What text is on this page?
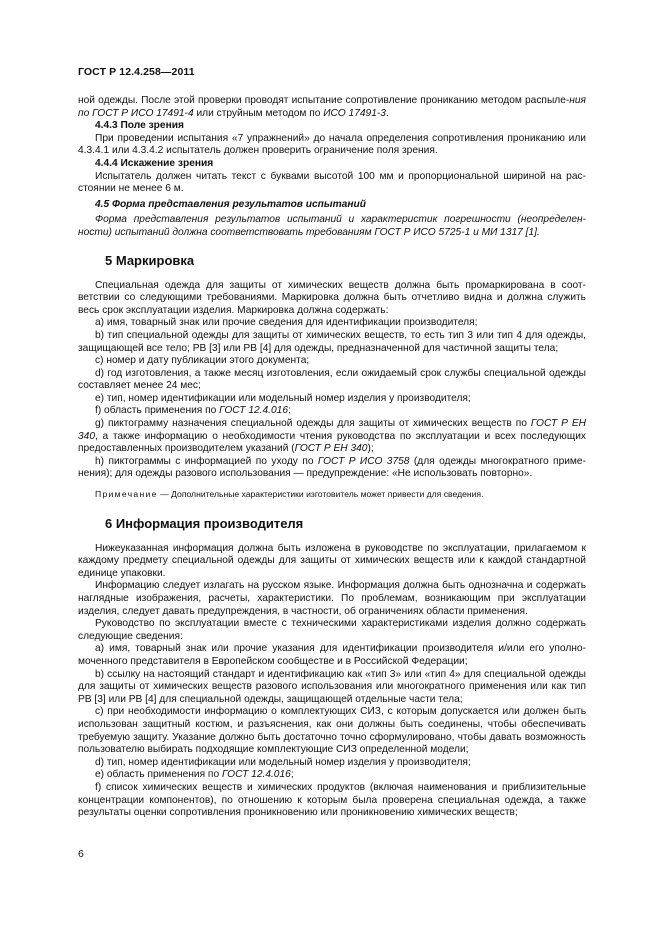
ГОСТ Р 12.4.258—2011

ной одежды. После этой проверки проводят испытание сопротивление прониканию методом распыле-ния по ГОСТ Р ИСО 17491-4 или струйным методом по ИСО 17491-3.

4.4.3 Поле зрения

При проведении испытания «7 упражнений» до начала определения сопротивления прониканию или 4.3.4.1 или 4.3.4.2 испытатель должен проверить ограничение поля зрения.

4.4.4 Искажение зрения

Испытатель должен читать текст с буквами высотой 100 мм и пропорциональной шириной на расстоянии не менее 6 м.

4.5 Форма представления результатов испытаний

Форма представления результатов испытаний и характеристик погрешности (неопределенности) испытаний должна соответствовать требованиям ГОСТ Р ИСО 5725-1 и МИ 1317 [1].

5 Маркировка

Специальная одежда для защиты от химических веществ должна быть промаркирована в соответствии со следующими требованиями. Маркировка должна быть отчетливо видна и должна служить весь срок эксплуатации изделия. Маркировка должна содержать:

а) имя, товарный знак или прочие сведения для идентификации производителя;

b) тип специальной одежды для защиты от химических веществ, то есть тип 3 или тип 4 для одежды, защищающей все тело; РВ [3] или РВ [4] для одежды, предназначенной для частичной защиты тела;

c) номер и дату публикации этого документа;

d) год изготовления, а также месяц изготовления, если ожидаемый срок службы специальной одежды составляет менее 24 мес;

e) тип, номер идентификации или модельный номер изделия у производителя;

f) область применения по ГОСТ 12.4.016;

g) пиктограмму назначения специальной одежды для защиты от химических веществ по ГОСТ Р ЕН 340, а также информацию о необходимости чтения руководства по эксплуатации и всех последующих предоставленных производителем указаний (ГОСТ Р ЕН 340);

h) пиктограммы с информацией по уходу по ГОСТ Р ИСО 3758 (для одежды многократного применения); для одежды разового использования — предупреждение: «Не использовать повторно».

Примечание — Дополнительные характеристики изготовитель может привести для сведения.

6 Информация производителя

Нижеуказанная информация должна быть изложена в руководстве по эксплуатации, прилагаемом к каждому предмету специальной одежды для защиты от химических веществ или к каждой стандартной единице упаковки.

Информацию следует излагать на русском языке. Информация должна быть однозначна и содержать наглядные изображения, расчеты, характеристики. По проблемам, возникающим при эксплуатации изделия, следует давать предупреждения, в частности, об ограничениях области применения.

Руководство по эксплуатации вместе с техническими характеристиками изделия должно содержать следующие сведения:

а) имя, товарный знак или прочие указания для идентификации производителя и/или его уполномоченного представителя в Европейском сообществе и в Российской Федерации;

b) ссылку на настоящий стандарт и идентификацию как «тип 3» или «тип 4» для специальной одежды для защиты от химических веществ разового использования или многократного применения или как тип РВ [3] или РВ [4] для специальной одежды, защищающей отдельные части тела;

c) при необходимости информацию о комплектующих СИЗ, с которым допускается или должен быть использован защитный костюм, и разъяснения, как они должны быть соединены, чтобы обеспечивать требуемую защиту. Указание должно быть достаточно точно сформулировано, чтобы давать возможность пользователю выбирать подходящие комплектующие СИЗ определенной модели;

d) тип, номер идентификации или модельный номер изделия у производителя;

e) область применения по ГОСТ 12.4.016;

f) список химических веществ и химических продуктов (включая наименования и приблизительные концентрации компонентов), по отношению к которым была проверена специальная одежда, а также результаты оценки сопротивления проникновению или проникновению химических веществ;

6
